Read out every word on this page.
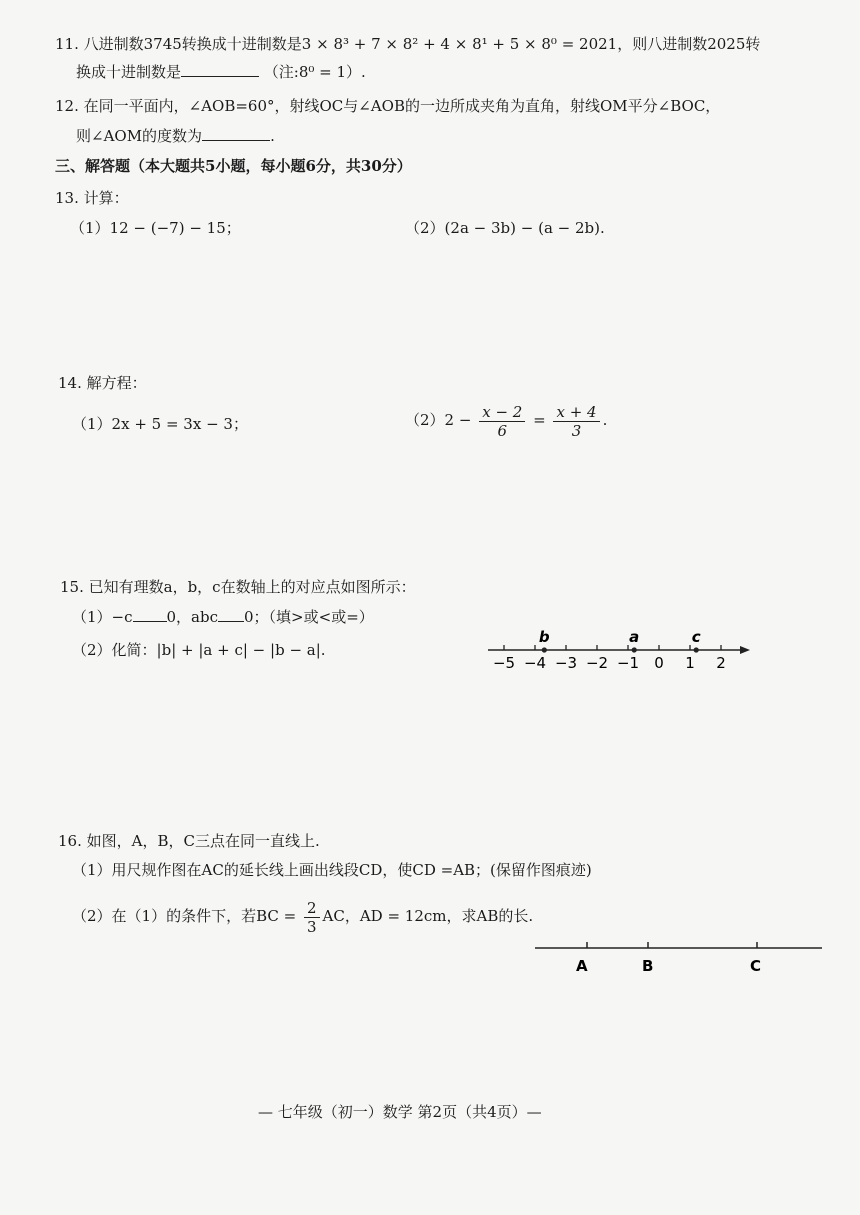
11. 八进制数3745转换成十进制数是3 × 8³ + 7 × 8² + 4 × 8¹ + 5 × 8⁰ = 2021，则八进制数2025转
换成十进制数是	（注:8⁰ = 1）.
12. 在同一平面内，∠AOB=60°，射线OC与∠AOB的一边所成夹角为直角，射线OM平分∠BOC，
则∠AOM的度数为	.
三、解答题（本大题共5小题，每小题6分，共30分）
13. 计算：
（1）12 − (−7) − 15；	（2）(2a − 3b) − (a − 2b).
14. 解方程：
（1）2x + 5 = 3x − 3；	$(2)2 - \frac{x - 2}{6} = \frac{x + 4}{3}$ .
15. 已知有理数a，b，c在数轴上的对应点如图所示：
（1）−c 0，abc 0；（填>或<或=）
（2）化简：|b| + |a + c| − |b − a|.
−5 −4 −3 −2 −1 0 1 2
b	a	c
16. 如图，A，B，C三点在同一直线上.
（1）用尺规作图在AC的延长线上画出线段CD，使CD =AB；(保留作图痕迹)
（2）在（1）的条件下，若BC = $\frac{2}{3}$ AC，AD = 12cm，求AB的长.
A	B	C
— 七年级（初一）数学 第2页（共4页）—
